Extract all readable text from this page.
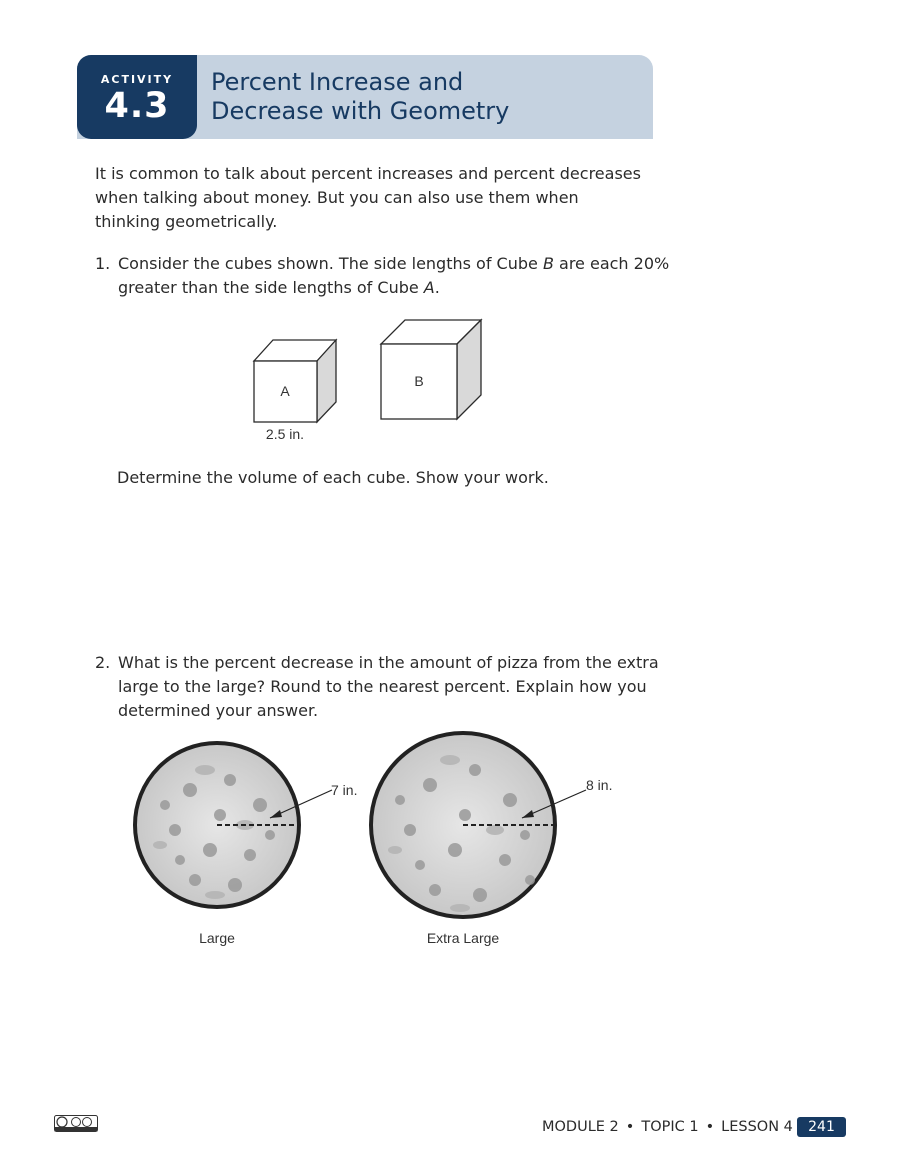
ACTIVITY
4.3
Percent Increase and
Decrease with Geometry
It is common to talk about percent increases and percent decreases
when talking about money. But you can also use them when
thinking geometrically.
1. Consider the cubes shown. The side lengths of Cube B are each 20%
greater than the side lengths of Cube A.
A
2.5 in.
B
Determine the volume of each cube. Show your work.
2. What is the percent decrease in the amount of pizza from the extra
large to the large? Round to the nearest percent. Explain how you
determined your answer.
7 in.
Large
8 in.
Extra Large
MODULE 2 • TOPIC 1 • LESSON 4	241
